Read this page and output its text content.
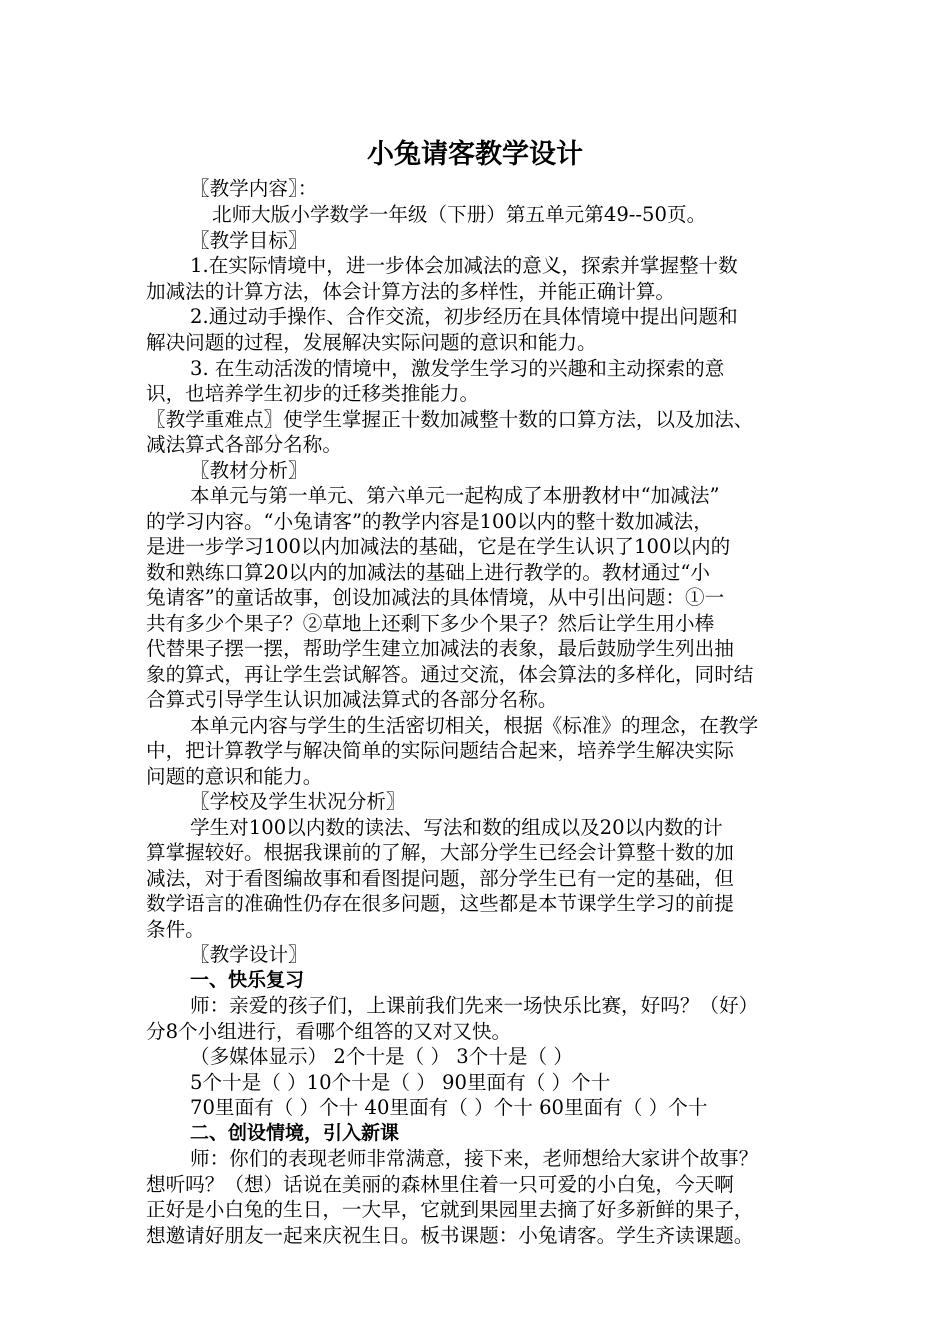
小兔请客教学设计
〖教学内容〗：
北师大版小学数学一年级（下册）第五单元第49--50页。
〖教学目标〗
1.在实际情境中，进一步体会加减法的意义，探索并掌握整十数
加减法的计算方法，体会计算方法的多样性，并能正确计算。
2.通过动手操作、合作交流，初步经历在具体情境中提出问题和
解决问题的过程，发展解决实际问题的意识和能力。
3. 在生动活泼的情境中，激发学生学习的兴趣和主动探索的意
识，也培养学生初步的迁移类推能力。
〖教学重难点〗使学生掌握正十数加减整十数的口算方法，以及加法、
减法算式各部分名称。
〖教材分析〗
本单元与第一单元、第六单元一起构成了本册教材中“加减法”
的学习内容。“小兔请客”的教学内容是100以内的整十数加减法，
是进一步学习100以内加减法的基础，它是在学生认识了100以内的
数和熟练口算20以内的加减法的基础上进行教学的。教材通过“小
兔请客”的童话故事，创设加减法的具体情境，从中引出问题：①一
共有多少个果子？②草地上还剩下多少个果子？然后让学生用小棒
代替果子摆一摆，帮助学生建立加减法的表象，最后鼓励学生列出抽
象的算式，再让学生尝试解答。通过交流，体会算法的多样化，同时结
合算式引导学生认识加减法算式的各部分名称。
本单元内容与学生的生活密切相关，根据《标准》的理念，在教学
中，把计算教学与解决简单的实际问题结合起来，培养学生解决实际
问题的意识和能力。
〖学校及学生状况分析〗
学生对100以内数的读法、写法和数的组成以及20以内数的计
算掌握较好。根据我课前的了解，大部分学生已经会计算整十数的加
减法，对于看图编故事和看图提问题，部分学生已有一定的基础，但
数学语言的准确性仍存在很多问题，这些都是本节课学生学习的前提
条件。
〖教学设计〗
一、快乐复习
师：亲爱的孩子们，上课前我们先来一场快乐比赛，好吗？（好）
分8个小组进行，看哪个组答的又对又快。
（多媒体显示） 2个十是（ ） 3个十是（ ）
5个十是（ ）10个十是（ ） 90里面有（ ）个十
70里面有（ ）个十 40里面有（ ）个十 60里面有（ ）个十
二、创设情境，引入新课
师：你们的表现老师非常满意，接下来，老师想给大家讲个故事？
想听吗？（想）话说在美丽的森林里住着一只可爱的小白兔，今天啊
正好是小白兔的生日，一大早，它就到果园里去摘了好多新鲜的果子，
想邀请好朋友一起来庆祝生日。板书课题：小兔请客。学生齐读课题。
